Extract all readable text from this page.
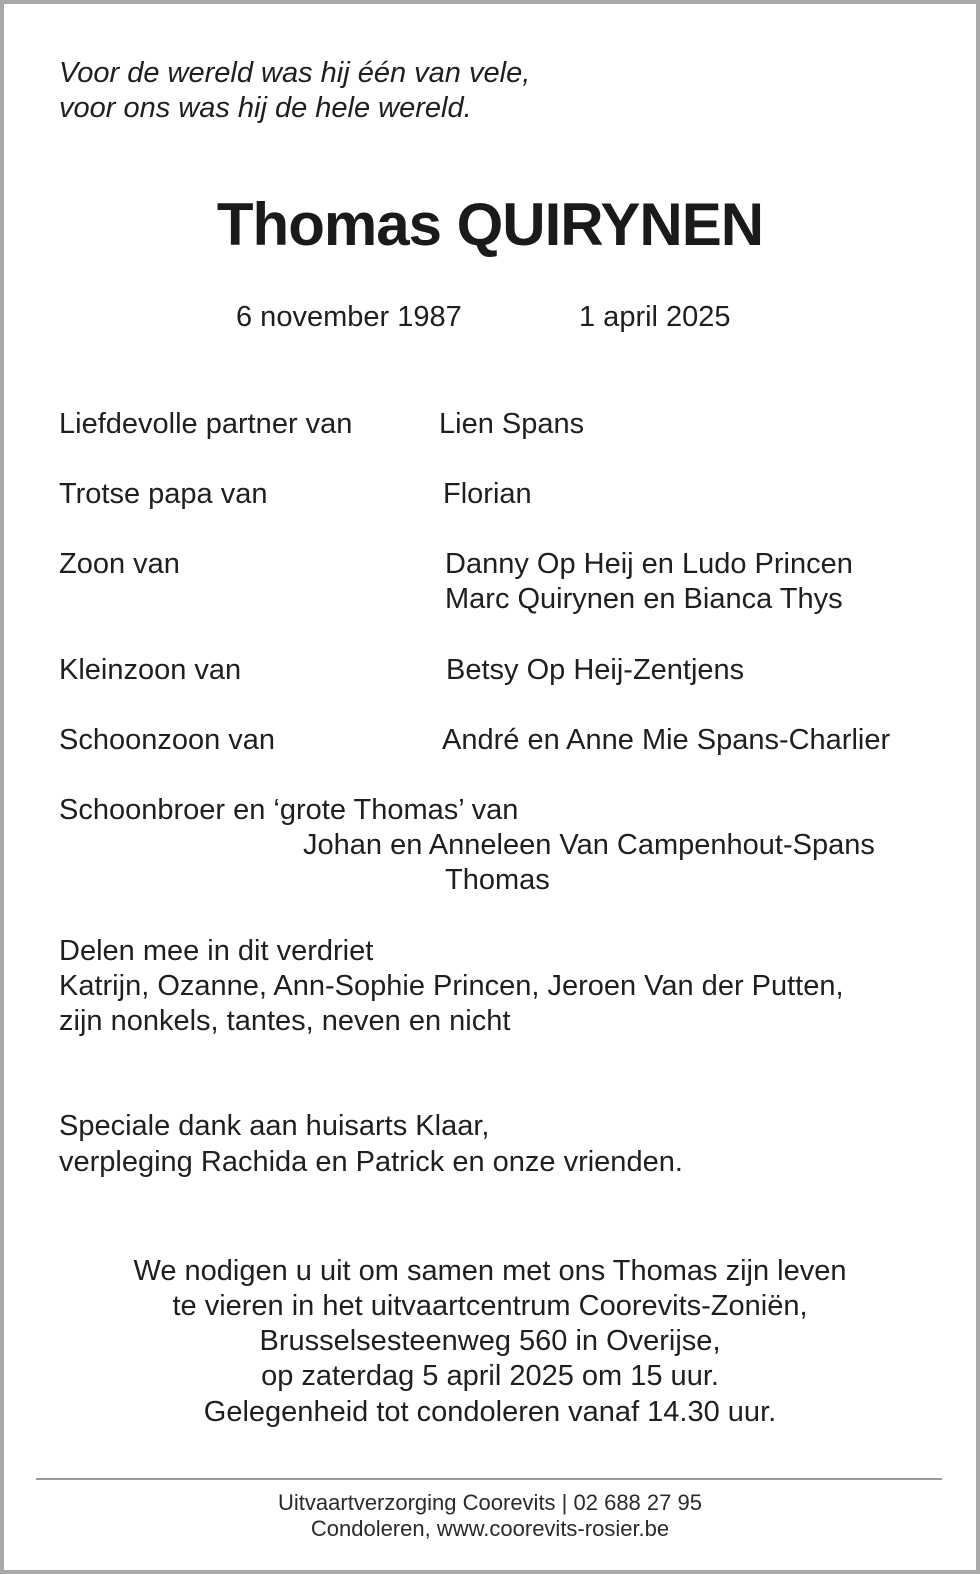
Voor de wereld was hij één van vele,
voor ons was hij de hele wereld.
Thomas QUIRYNEN
6 november 1987	1 april 2025
Liefdevolle partner van	Lien Spans
Trotse papa van	Florian
Zoon van	Danny Op Heij en Ludo Princen
Marc Quirynen en Bianca Thys
Kleinzoon van	Betsy Op Heij-Zentjens
Schoonzoon van	André en Anne Mie Spans-Charlier
Schoonbroer en ‘grote Thomas’ van
Johan en Anneleen Van Campenhout-Spans
Thomas
Delen mee in dit verdriet
Katrijn, Ozanne, Ann-Sophie Princen, Jeroen Van der Putten,
zijn nonkels, tantes, neven en nicht
Speciale dank aan huisarts Klaar,
verpleging Rachida en Patrick en onze vrienden.
We nodigen u uit om samen met ons Thomas zijn leven
te vieren in het uitvaartcentrum Coorevits-Zoniën,
Brusselsesteenweg 560 in Overijse,
op zaterdag 5 april 2025 om 15 uur.
Gelegenheid tot condoleren vanaf 14.30 uur.
Uitvaartverzorging Coorevits | 02 688 27 95
Condoleren, www.coorevits-rosier.be
